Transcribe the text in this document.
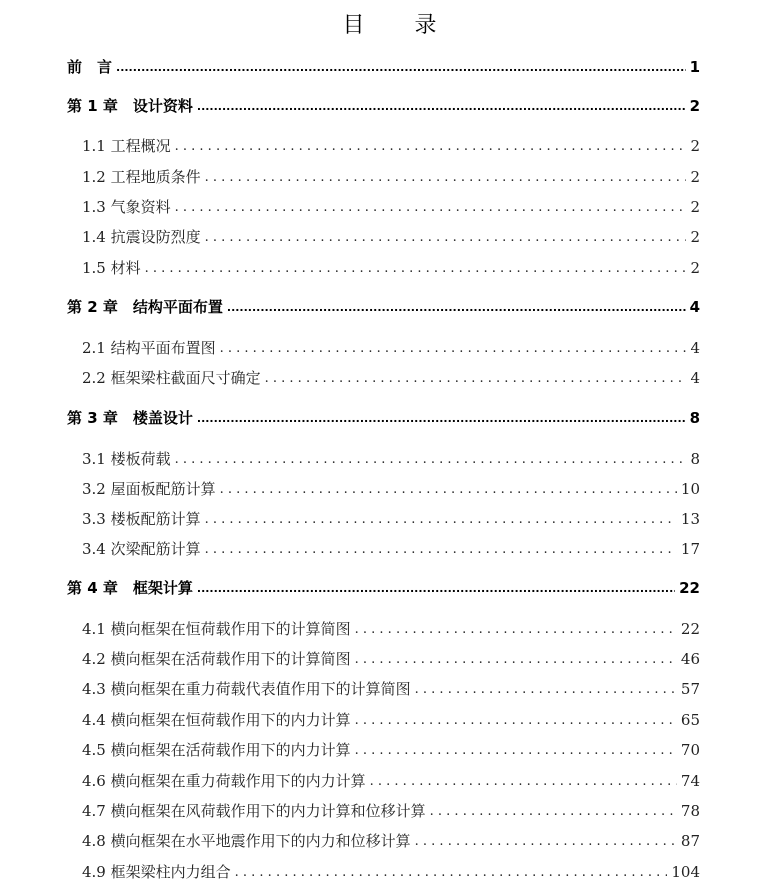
目　录
前　言 .....	1
第 1 章　设计资料 .....	2
1.1 工程概况 . . .	2
1.2 工程地质条件 . . .	2
1.3 气象资料 . . .	2
1.4 抗震设防烈度 . . .	2
1.5 材料 . . .	2
第 2 章　结构平面布置 .....	4
2.1 结构平面布置图 . . .	4
2.2 框架梁柱截面尺寸确定 . . .	4
第 3 章　楼盖设计 .....	8
3.1 楼板荷载 . . .	8
3.2 屋面板配筋计算 . . .	10
3.3 楼板配筋计算 . . .	13
3.4 次梁配筋计算 . . .	17
第 4 章　框架计算 .....	22
4.1 横向框架在恒荷载作用下的计算简图 . . .	22
4.2 横向框架在活荷载作用下的计算简图 . . .	46
4.3 横向框架在重力荷载代表值作用下的计算简图 . . .	57
4.4 横向框架在恒荷载作用下的内力计算 . . .	65
4.5 横向框架在活荷载作用下的内力计算 . . .	70
4.6 横向框架在重力荷载作用下的内力计算 . . .	74
4.7 横向框架在风荷载作用下的内力计算和位移计算 . . .	78
4.8 横向框架在水平地震作用下的内力和位移计算 . . .	87
4.9 框架梁柱内力组合 . . .	104
